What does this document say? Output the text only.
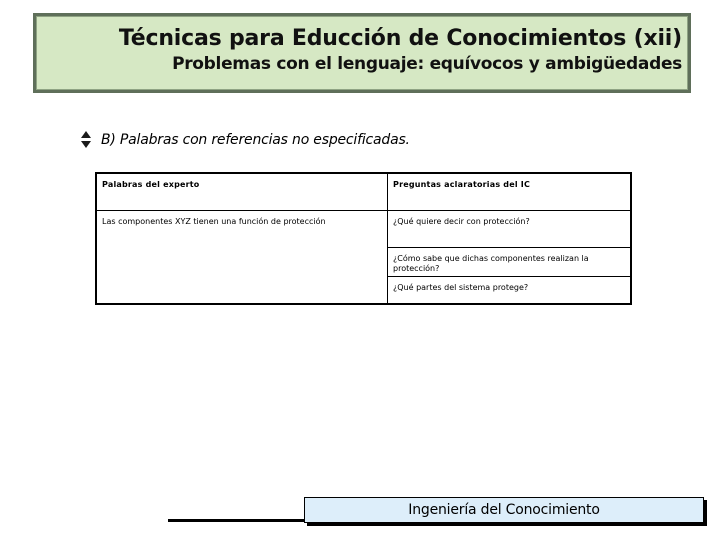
Técnicas para Educción de Conocimientos (xii)
Problemas con el lenguaje: equívocos y ambigüedades
B) Palabras con referencias no especificadas.
Palabras del experto	Preguntas aclaratorias del IC
Las componentes XYZ tienen una función de protección	¿Qué quiere decir con protección?
	¿Cómo sabe que dichas componentes realizan la protección?
	¿Qué partes del sistema protege?
Ingeniería del Conocimiento
